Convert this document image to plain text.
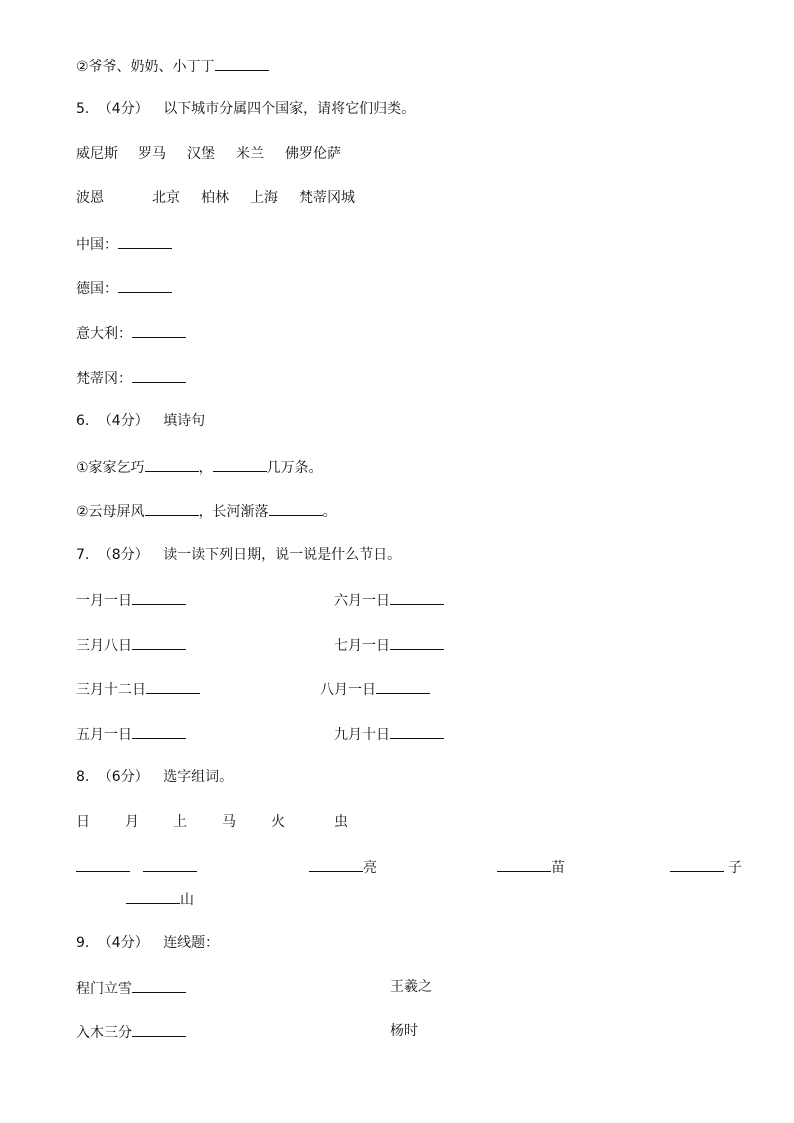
②爷爷、奶奶、小丁丁
5. （4分） 以下城市分属四个国家，请将它们归类。
威尼斯 罗马 汉堡 米兰 佛罗伦萨
波恩	北京 柏林 上海 梵蒂冈城
中国：
德国：
意大利：
梵蒂冈：
6. （4分） 填诗句
①家家乞巧	，	几万条。
②云母屏风	，长河渐落	。
7. （8分） 读一读下列日期，说一说是什么节日。
一月一日	六月一日
三月八日	七月一日
三月十二日	八月一日
五月一日	九月十日
8. （6分） 选字组词。
日	月 上	马	火	虫
亮	苗	子
山
9. （4分） 连线题：
程门立雪	王羲之
入木三分	杨时
